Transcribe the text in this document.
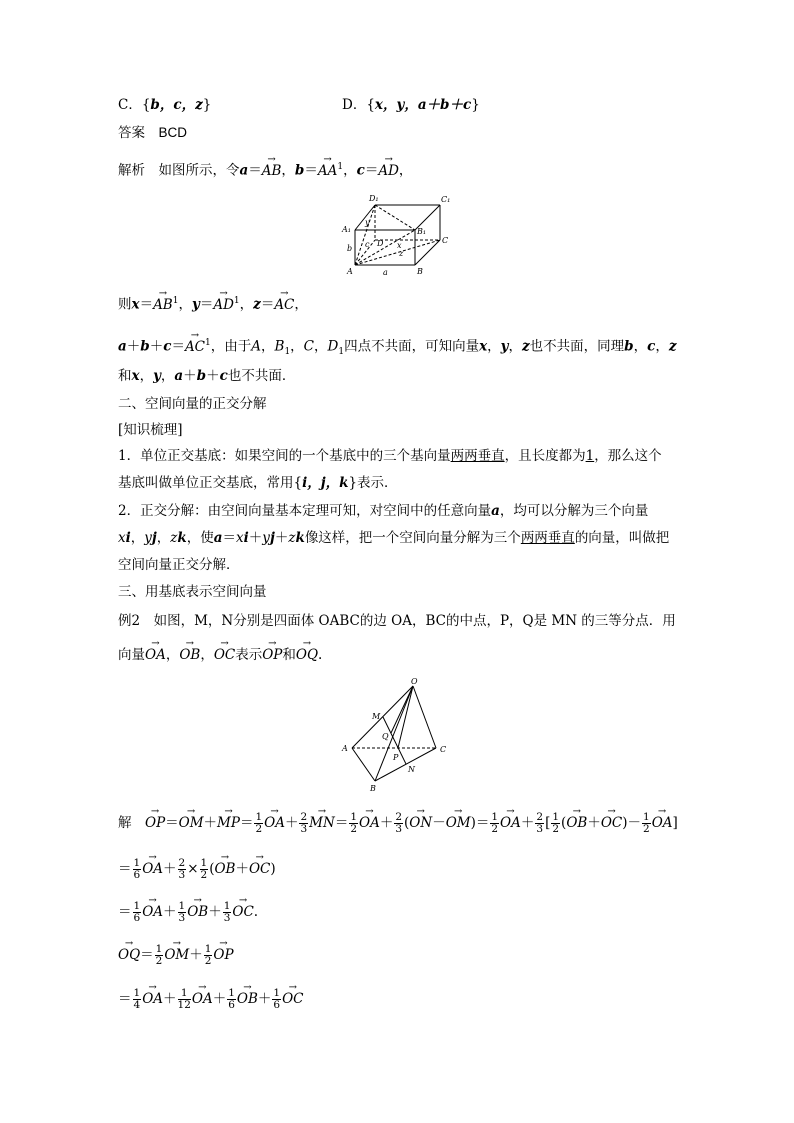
C．{b，c，z}	D．{x，y，a＋b＋c}
答案　 BCD
解析　 如图所示，令a＝→ AB，$b=\to AA^1$，c＝→ AD，
D₁	C₁
A₁	B₁
A	B
C
D
a
b c	x
y
z
则$x=\to AB^1$，$y=\to AD^1$，z＝→ AC，
$a+b+c=\to AC^1$，由于A，$B_1$，C，$D_1$四点不共面，可知向量x，y，z也不共面，同理b，c，z
和x，y，a＋b＋c也不共面．
二、空间向量的正交分解
[知识梳理]
1．单位正交基底：如果空间的一个基底中的三个基向量两两垂直，且长度都为1，那么这个
基底叫做单位正交基底，常用{i，j，k}表示．
2．正交分解：由空间向量基本定理可知，对空间中的任意向量a，均可以分解为三个向量
xi，yj，zk，使a＝xi＋yj＋zk像这样，把一个空间向量分解为三个两两垂直的向量，叫做把
空间向量正交分解．
三、用基底表示空间向量
例2　如图，M，N分别是四面体 OABC的边 OA，BC的中点，P，Q是 MN 的三等分点．用
向量→ OA，→ OB，→ OC表示→ OP和→ OQ.
O
M
Q
A
P
C
N
B
解　→ $OP=\to OM+\to MP= \frac{1}{2}$
→ $OA+ \frac{2}{3}$
→ $MN= \frac{1}{2}$
→ $OA+ \frac{2}{3}$ (→ $ON-\to OM)= \frac{1}{2}$
→ $OA+ \frac{2}{3}$ [ $\frac{1}{2}$ (→ $OB+\to OC)- \frac{1}{2}$
→ OA]
＝ $\frac{1}{6}$
→ $OA+ \frac{2}{3} \times \frac{1}{2}$ (→ OB＋→ OC)
＝ $\frac{1}{6}$
→ $OA+ \frac{1}{3}$
→ $OB+ \frac{1}{3}$
→ OC.
→ $OQ= \frac{1}{2}$
→ $OM+ \frac{1}{2}$
→ OP
＝ $\frac{1}{4}$
→ $OA+ \frac{1}{12}$
→ $OA+ \frac{1}{6}$
→ $OB+ \frac{1}{6}$
→ OC
